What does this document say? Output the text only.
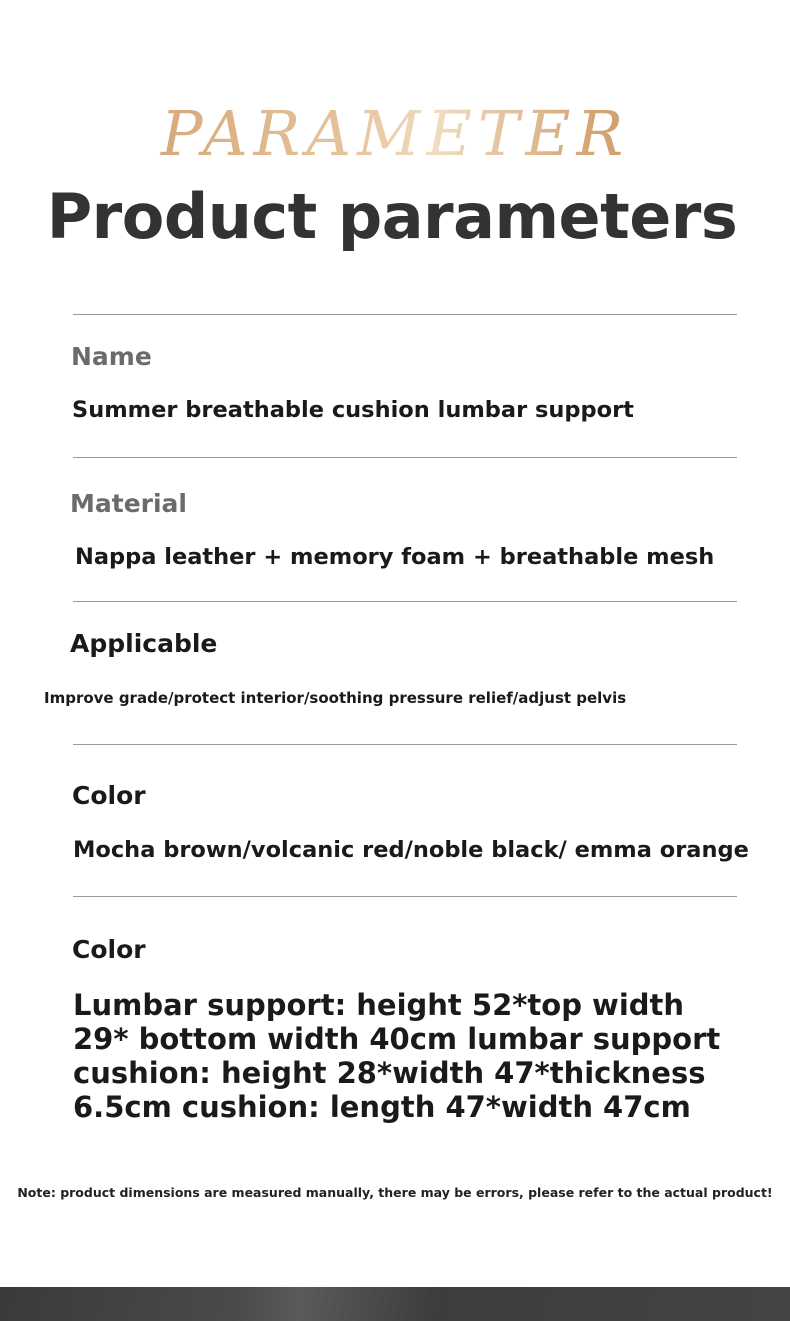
PARAMETER
Product parameters
Name
Summer breathable cushion lumbar support
Material
Nappa leather + memory foam + breathable mesh
Applicable
Improve grade/protect interior/soothing pressure relief/adjust pelvis
Color
Mocha brown/volcanic red/noble black/ emma orange
Color
Lumbar support: height 52*top width 29* bottom width 40cm lumbar support cushion: height 28*width 47*thickness 6.5cm cushion: length 47*width 47cm
Note: product dimensions are measured manually, there may be errors, please refer to the actual product!
